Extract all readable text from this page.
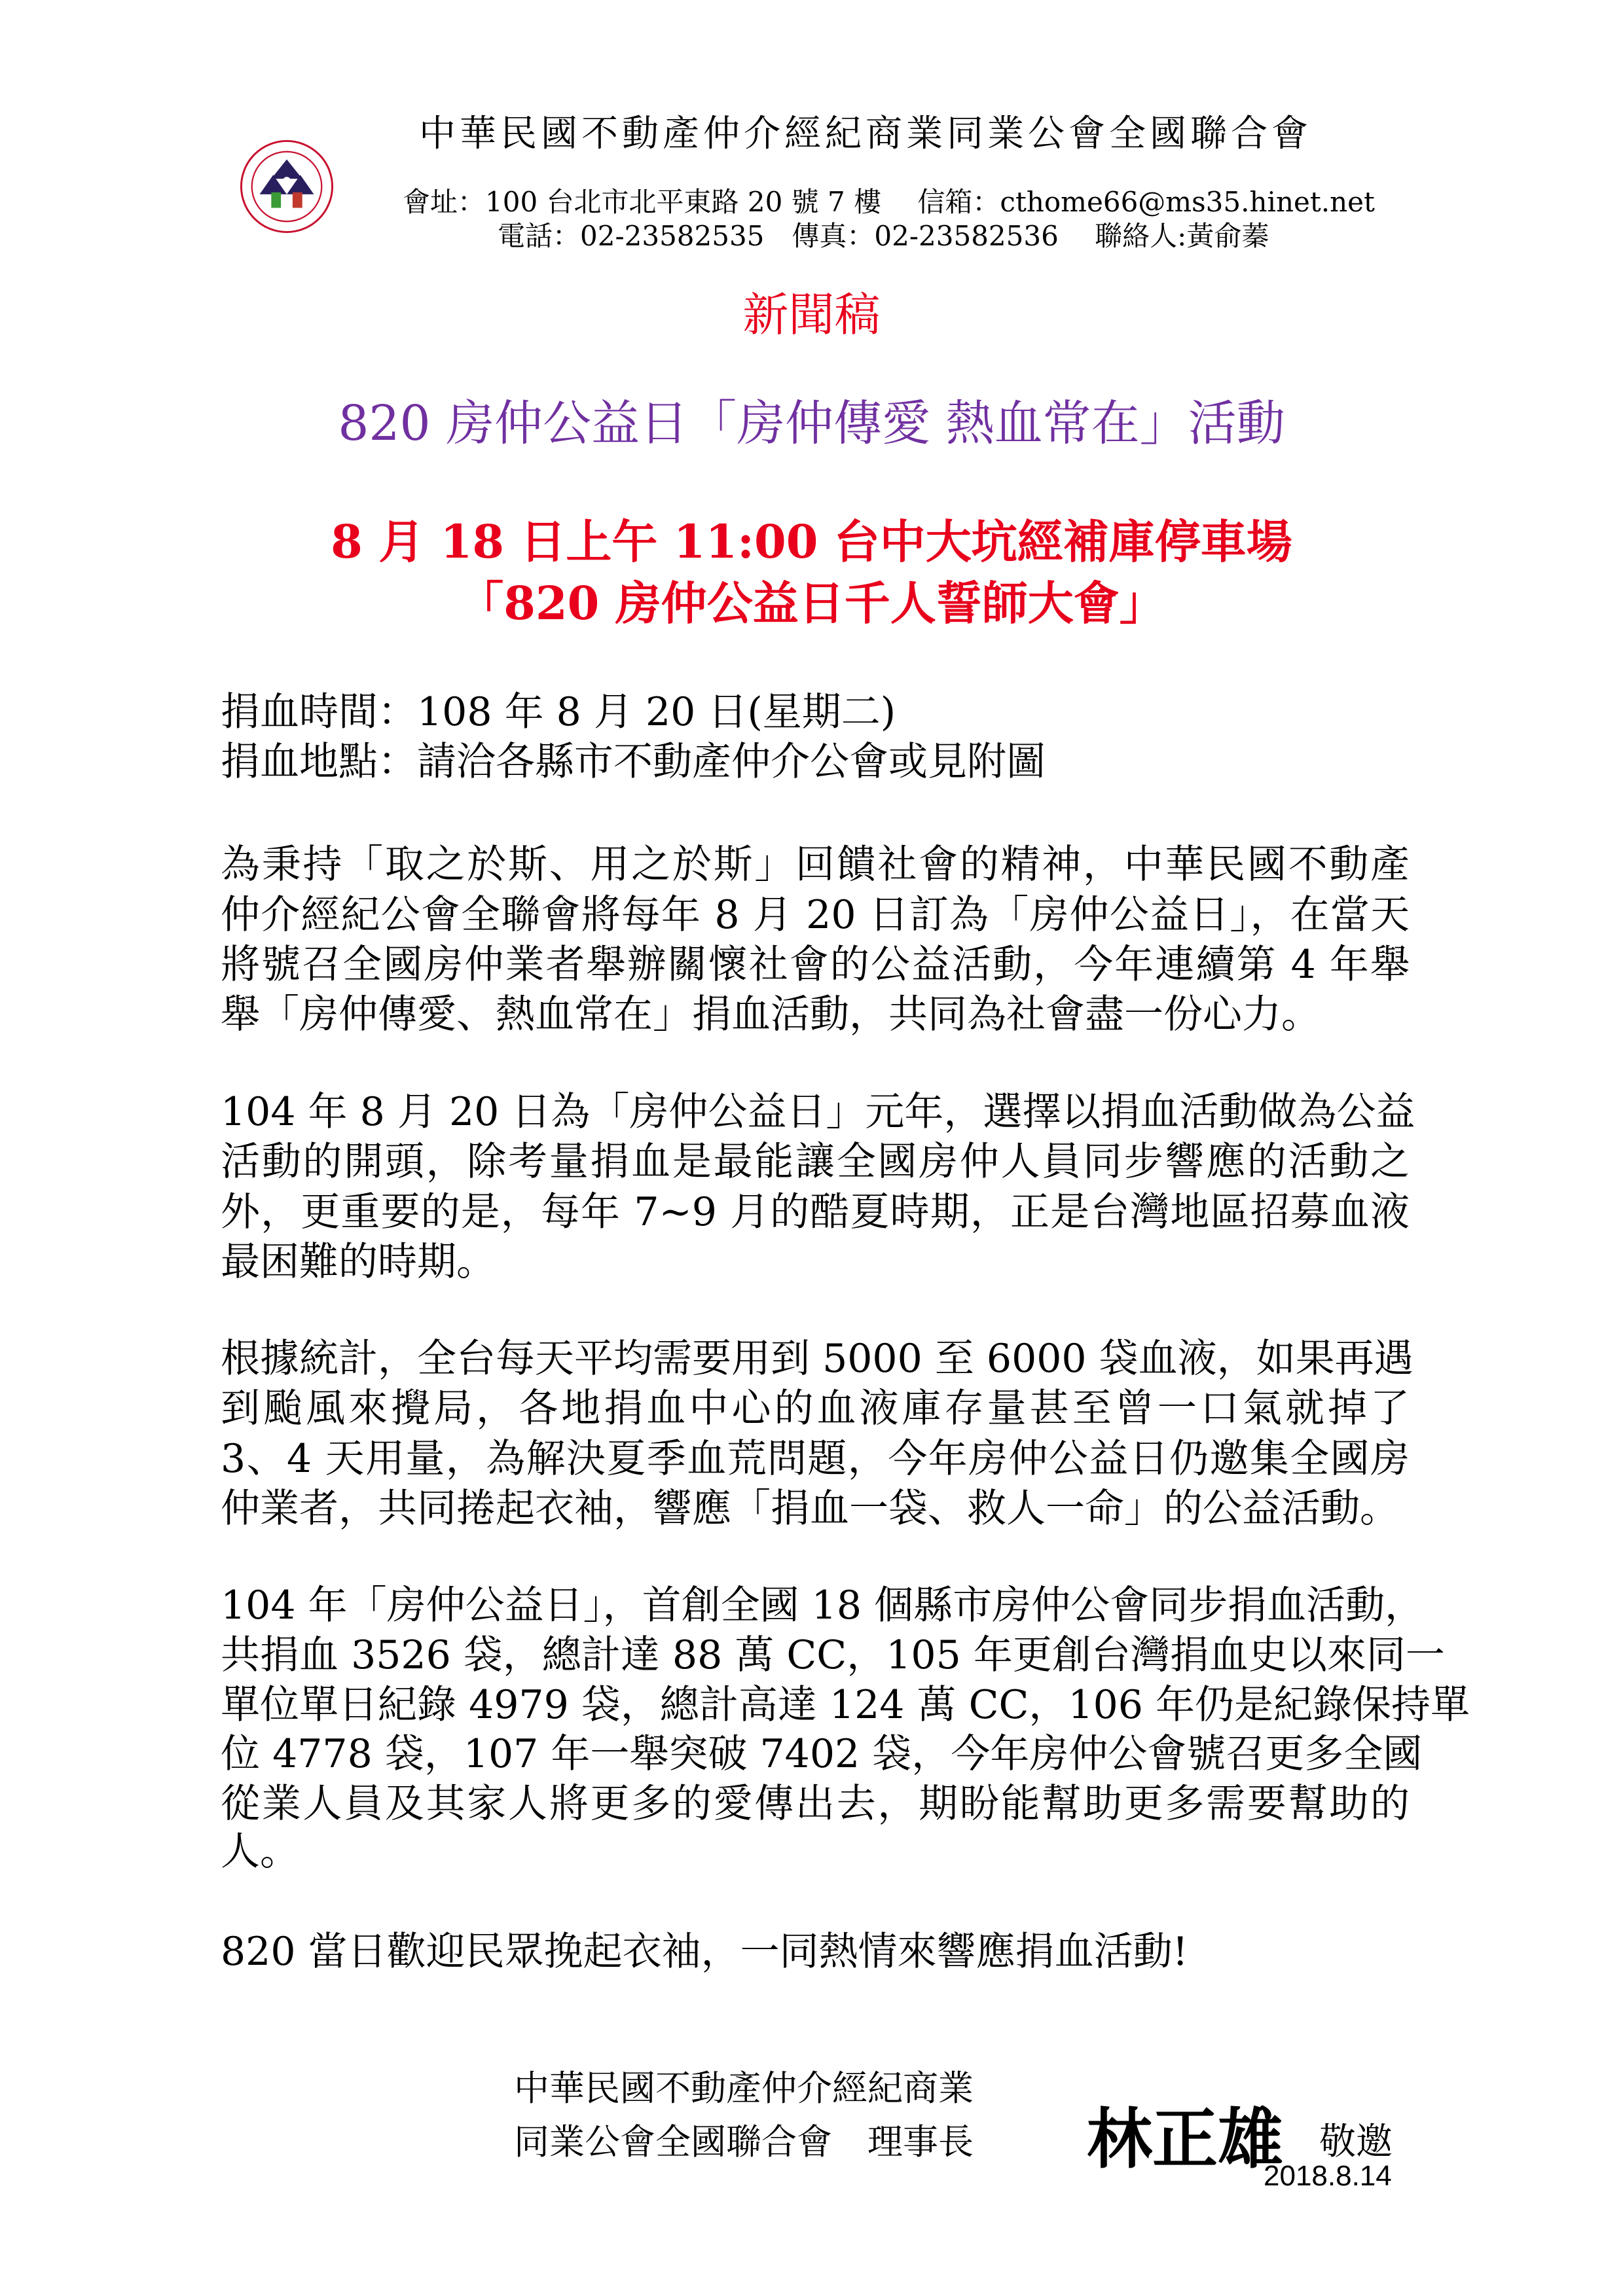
中華民國不動產仲介經紀商業同業公會全國聯合會
會址：100 台北市北平東路 20 號 7 樓　 信箱：cthome66@ms35.hinet.net
電話：02-23582535　傳真：02-23582536　 聯絡人:黃俞蓁
新聞稿
820 房仲公益日「房仲傳愛 熱血常在」活動
8 月 18 日上午 11:00 台中大坑經補庫停車場
「820 房仲公益日千人誓師大會」
捐血時間：108 年 8 月 20 日(星期二)
捐血地點：請洽各縣市不動產仲介公會或見附圖
為秉持「取之於斯、用之於斯」回饋社會的精神，中華民國不動產
仲介經紀公會全聯會將每年 8 月 20 日訂為「房仲公益日」，在當天
將號召全國房仲業者舉辦關懷社會的公益活動，今年連續第 4 年舉
舉「房仲傳愛、熱血常在」捐血活動，共同為社會盡一份心力。
104 年 8 月 20 日為「房仲公益日」元年，選擇以捐血活動做為公益
活動的開頭，除考量捐血是最能讓全國房仲人員同步響應的活動之
外，更重要的是，每年 7~9 月的酷夏時期，正是台灣地區招募血液
最困難的時期。
根據統計，全台每天平均需要用到 5000 至 6000 袋血液，如果再遇
到颱風來攪局，各地捐血中心的血液庫存量甚至曾一口氣就掉了
3、4 天用量，為解決夏季血荒問題，今年房仲公益日仍邀集全國房
仲業者，共同捲起衣袖，響應「捐血一袋、救人一命」的公益活動。
104 年「房仲公益日」，首創全國 18 個縣市房仲公會同步捐血活動，
共捐血 3526 袋，總計達 88 萬 CC，105 年更創台灣捐血史以來同一
單位單日紀錄 4979 袋，總計高達 124 萬 CC，106 年仍是紀錄保持單
位 4778 袋，107 年一舉突破 7402 袋，今年房仲公會號召更多全國
從業人員及其家人將更多的愛傳出去，期盼能幫助更多需要幫助的
人。
820 當日歡迎民眾挽起衣袖，一同熱情來響應捐血活動!
中華民國不動產仲介經紀商業
同業公會全國聯合會　理事長 林正雄 敬邀
2018.8.14
